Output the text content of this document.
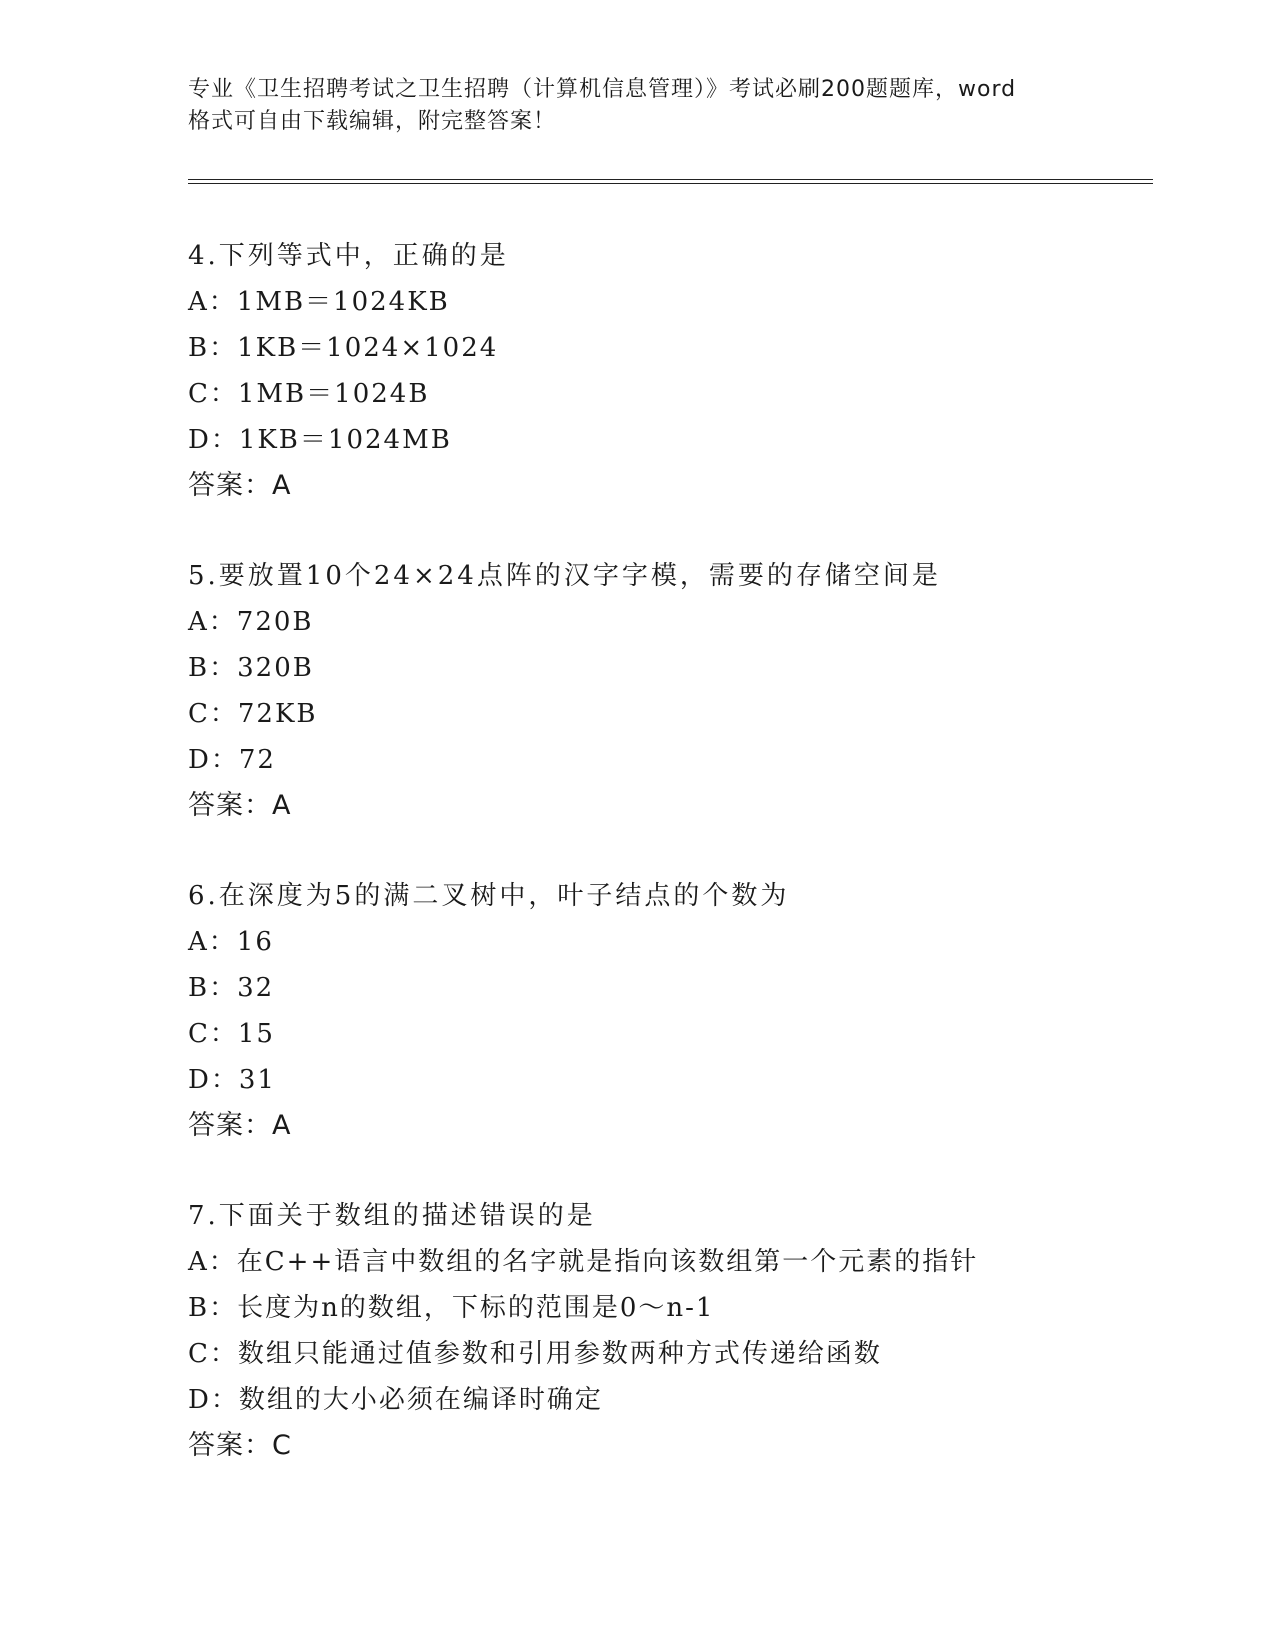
专业《卫生招聘考试之卫生招聘（计算机信息管理）》考试必刷200题题库，word
格式可自由下载编辑，附完整答案！
4.下列等式中，正确的是
A：1MB＝1024KB
B：1KB＝1024×1024
C：1MB＝1024B
D：1KB＝1024MB
答案：A
5.要放置10个24×24点阵的汉字字模，需要的存储空间是
A：720B
B：320B
C：72KB
D：72
答案：A
6.在深度为5的满二叉树中，叶子结点的个数为
A：16
B：32
C：15
D：31
答案：A
7.下面关于数组的描述错误的是
A：在C++语言中数组的名字就是指向该数组第一个元素的指针
B：长度为n的数组，下标的范围是0～n-1
C：数组只能通过值参数和引用参数两种方式传递给函数
D：数组的大小必须在编译时确定
答案：C
